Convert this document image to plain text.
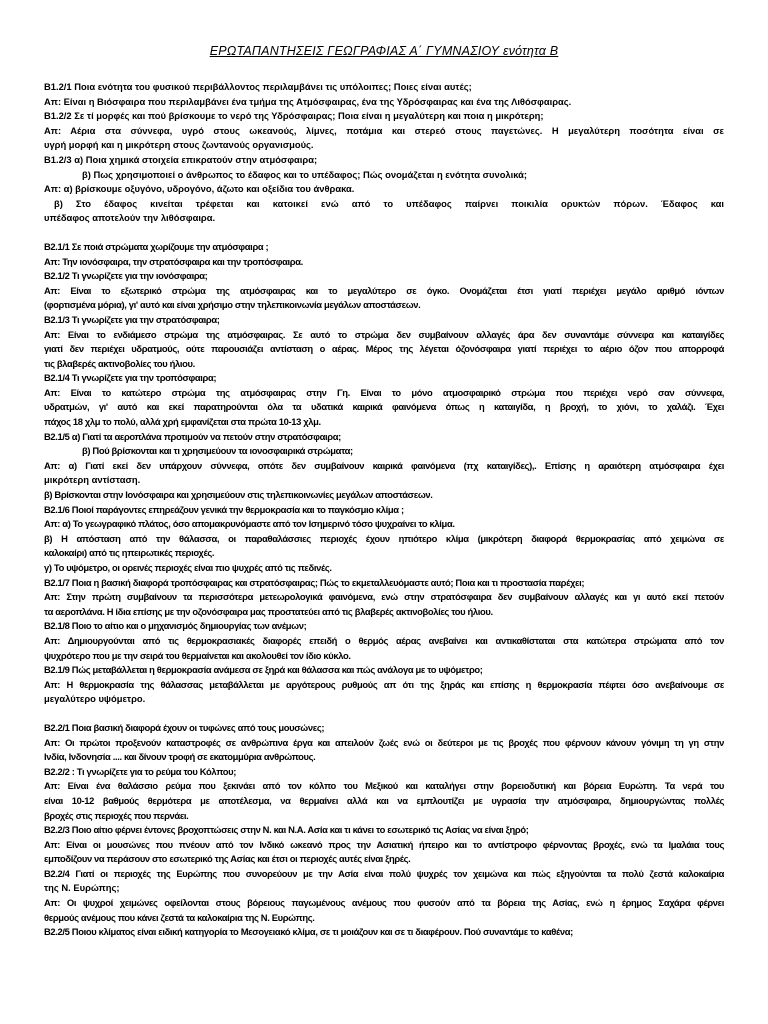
ΕΡΩΤΑΠΑΝΤΗΣΕΙΣ ΓΕΩΓΡΑΦΙΑΣ Α΄ ΓΥΜΝΑΣΙΟΥ ενότητα Β
Β1.2/1 Ποια ενότητα του φυσικού περιβάλλοντος περιλαμβάνει τις υπόλοιπες; Ποιες είναι αυτές;
Απ: Είναι η Βιόσφαιρα που περιλαμβάνει ένα τμήμα της Ατμόσφαιρας, ένα της Υδρόσφαιρας και ένα της Λιθόσφαιρας.
Β1.2/2 Σε τί μορφές και πού βρίσκουμε το νερό της Υδρόσφαιρας; Ποια είναι η μεγαλύτερη και ποια η μικρότερη;
Απ: Αέρια στα σύννεφα, υγρό στους ωκεανούς, λίμνες, ποτάμια και στερεό στους παγετώνες. Η μεγαλύτερη ποσότητα είναι σε
υγρή μορφή και η μικρότερη στους ζωντανούς οργανισμούς.
Β1.2/3 α) Ποια χημικά στοιχεία επικρατούν στην ατμόσφαιρα;
β) Πως χρησιμοποιεί ο άνθρωπος το έδαφος και το υπέδαφος; Πώς ονομάζεται η ενότητα συνολικά;
Απ: α) βρίσκουμε οξυγόνο, υδρογόνο, άζωτο και οξείδια του άνθρακα.
β) Στο έδαφος κινείται τρέφεται και κατοικεί ενώ από το υπέδαφος παίρνει ποικιλία ορυκτών πόρων. Έδαφος και
υπέδαφος αποτελούν την λιθόσφαιρα.
Β2.1/1 Σε ποιά στρώματα χωρίζουμε την ατμόσφαιρα ;
Απ: Την ιονόσφαιρα, την στρατόσφαιρα και την τροπόσφαιρα.
Β2.1/2 Τι γνωρίζετε για την ιονόσφαιρα;
Απ: Είναι το εξωτερικό στρώμα της ατμόσφαιρας και το μεγαλύτερο σε όγκο. Ονομάζεται έτσι γιατί περιέχει μεγάλο αριθμό ιόντων
(φορτισμένα μόρια), γι' αυτό και είναι χρήσιμο στην τηλεπικοινωνία μεγάλων αποστάσεων.
Β2.1/3 Τι γνωρίζετε για την στρατόσφαιρα;
Απ: Είναι το ενδιάμεσο στρώμα της ατμόσφαιρας. Σε αυτό το στρώμα δεν συμβαίνουν αλλαγές άρα δεν συναντάμε σύννεφα και καταιγίδες
γιατί δεν περιέχει υδρατμούς, ούτε παρουσιάζει αντίσταση ο αέρας. Μέρος της λέγεται όζονόσφαιρα γιατί περιέχει το αέριο όζον που απορροφά
τις βλαβερές ακτινοβολίες του ήλιου.
Β2.1/4 Τι γνωρίζετε για την τροπόσφαιρα;
Απ: Είναι το κατώτερο στρώμα της ατμόσφαιρας στην Γη. Είναι το μόνο ατμοσφαιρικό στρώμα που περιέχει νερό σαν σύννεφα,
υδρατμών, γι' αυτό και εκεί παρατηρούνται όλα τα υδατικά καιρικά φαινόμενα όπως η καταιγίδα, η βροχή, το χιόνι, το χαλάζι. Έχει
πάχος 18 χλμ το πολύ, αλλά χρή εμφανίζεται στα πρώτα 10-13 χλμ.
Β2.1/5 α) Γιατί τα αεροπλάνα προτιμούν να πετούν στην στρατόσφαιρα;
β) Πού βρίσκονται και τι χρησιμεύουν τα ιονοσφαιρικά στρώματα;
Απ: α) Γιατί εκεί δεν υπάρχουν σύννεφα, οπότε δεν συμβαίνουν καιρικά φαινόμενα (πχ καταιγίδες),. Επίσης η αραιότερη ατμόσφαιρα έχει
μικρότερη αντίσταση.
β) Βρίσκονται στην Ιονόσφαιρα και χρησιμεύουν στις τηλεπικοινωνίες μεγάλων αποστάσεων.
Β2.1/6 Ποιοί παράγοντες επηρεάζουν γενικά την θερμοκρασία και το παγκόσμιο κλίμα ;
Απ: α) Το γεωγραφικό πλάτος, όσο απομακρυνόμαστε από τον Ισημερινό τόσο ψυχραίνει το κλίμα.
β) Η απόσταση από την θάλασσα, οι παραθαλάσσιες περιοχές έχουν ηπιότερο κλίμα (μικρότερη διαφορά θερμοκρασίας από χειμώνα σε
καλοκαίρι) από τις ηπειρωτικές περιοχές.
γ) Το υψόμετρο, οι ορεινές περιοχές είναι πιο ψυχρές από τις πεδινές.
Β2.1/7 Ποια η βασική διαφορά τροπόσφαιρας και στρατόσφαιρας; Πώς το εκμεταλλευόμαστε αυτό; Ποια και τι προστασία παρέχει;
Απ: Στην πρώτη συμβαίνουν τα περισσότερα μετεωρολογικά φαινόμενα, ενώ στην στρατόσφαιρα δεν συμβαίνουν αλλαγές και γι αυτό εκεί πετούν
τα αεροπλάνα. Η ίδια επίσης με την οζονόσφαιρα μας προστατεύει από τις βλαβερές ακτινοβολίες του ήλιου.
Β2.1/8 Ποιο το αίτιο και ο μηχανισμός δημιουργίας των ανέμων;
Απ: Δημιουργούνται από τις θερμοκρασιακές διαφορές επειδή ο θερμός αέρας ανεβαίνει και αντικαθίσταται στα κατώτερα στρώματα από τον
ψυχρότερο που με την σειρά του θερμαίνεται και ακολουθεί τον ίδιο κύκλο.
Β2.1/9 Πώς μεταβάλλεται η θερμοκρασία ανάμεσα σε ξηρά και θάλασσα και πώς ανάλογα με το υψόμετρο;
Απ: Η θερμοκρασία της θάλασσας μεταβάλλεται με αργότερους ρυθμούς απ ότι της ξηράς και επίσης η θερμοκρασία πέφτει όσο ανεβαίνουμε σε
μεγαλύτερο υψόμετρο.
Β2.2/1 Ποια βασική διαφορά έχουν οι τυφώνες από τους μουσώνες;
Απ: Οι πρώτοι προξενούν καταστροφές σε ανθρώπινα έργα και απειλούν ζωές ενώ οι δεύτεροι με τις βροχές που φέρνουν κάνουν γόνιμη τη γη στην
Ινδία, Ινδονησία .... και δίνουν τροφή σε εκατομμύρια ανθρώπους.
Β2.2/2 : Τι γνωρίζετε για το ρεύμα του Κόλπου;
Απ: Είναι ένα θαλάσσιο ρεύμα που ξεκινάει από τον κόλπο του Μεξικού και καταλήγει στην βορειοδυτική και βόρεια Ευρώπη. Τα νερά του
είναι 10-12 βαθμούς θερμότερα με αποτέλεσμα, να θερμαίνει αλλά και να εμπλουτίζει με υγρασία την ατμόσφαιρα, δημιουργώντας πολλές
βροχές στις περιοχές που περνάει.
Β2.2/3 Ποιο αίτιο φέρνει έντονες βροχοπτώσεις στην Ν. και Ν.Α. Ασία και τι κάνει το εσωτερικό τις Ασίας να είναι ξηρό;
Απ: Είναι οι μουσώνες που πνέουν από τον Ινδικό ωκεανό προς την Ασιατική ήπειρο και το αντίστροφο φέρνοντας βροχές, ενώ τα Ιμαλάια τους
εμποδίζουν να περάσουν στο εσωτερικό της Ασίας και έτσι οι περιοχές αυτές είναι ξηρές.
Β2.2/4 Γιατί οι περιοχές της Ευρώπης που συνορεύουν με την Ασία είναι πολύ ψυχρές τον χειμώνα και πώς εξηγούνται τα πολύ ζεστά καλοκαίρια
της Ν. Ευρώπης;
Απ: Οι ψυχροί χειμώνες οφείλονται στους βόρειους παγωμένους ανέμους που φυσούν από τα βόρεια της Ασίας, ενώ η έρημος Σαχάρα φέρνει
θερμούς ανέμους που κάνει ζεστά τα καλοκαίρια της Ν. Ευρώπης.
Β2.2/5 Ποιου κλίματος είναι ειδική κατηγορία το Μεσογειακό κλίμα, σε τι μοιάζουν και σε τι διαφέρουν. Πού συναντάμε το καθένα;
